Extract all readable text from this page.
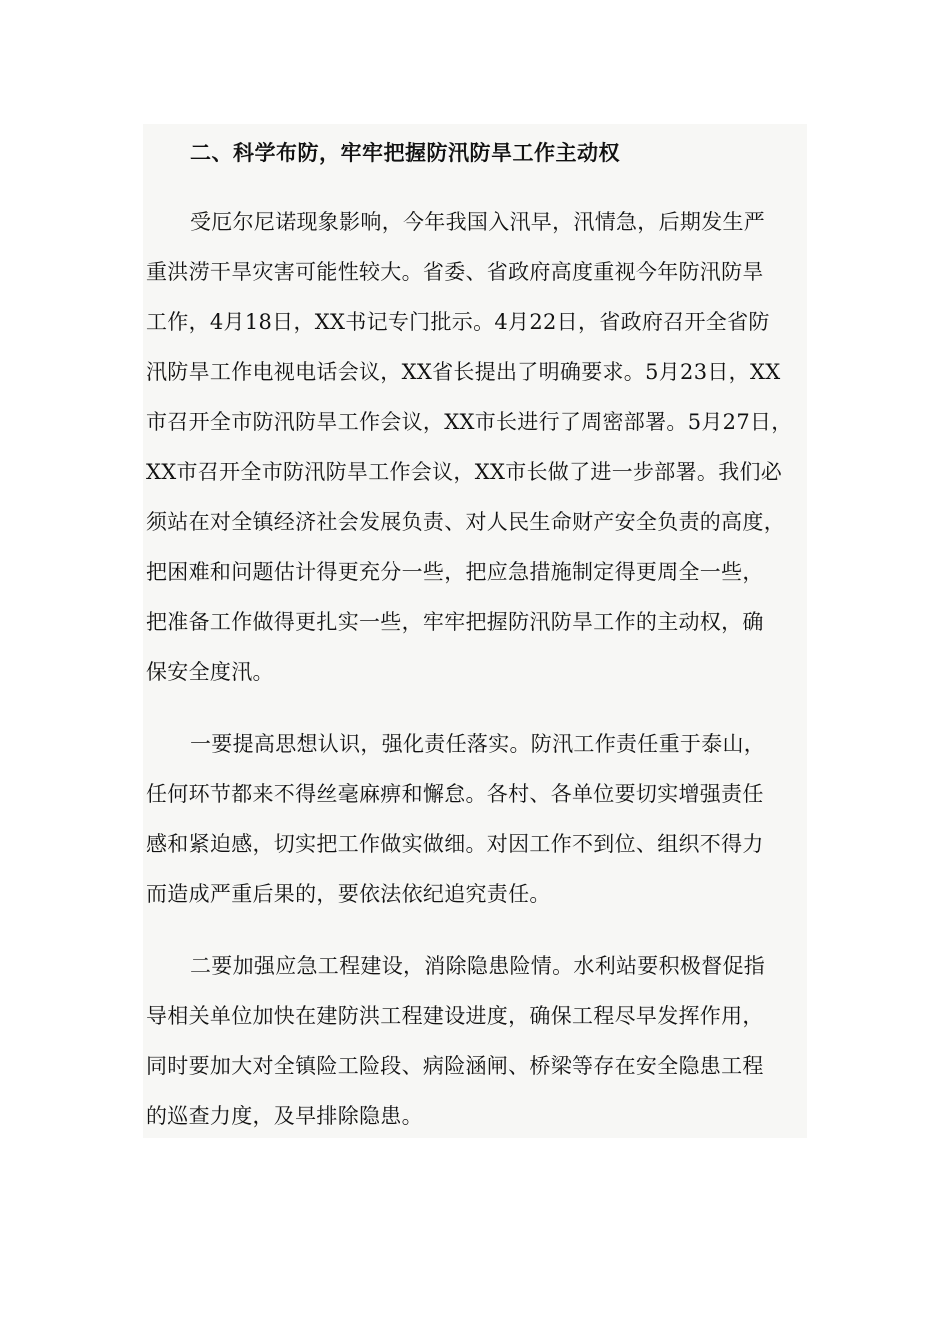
二、科学布防，牢牢把握防汛防旱工作主动权
受厄尔尼诺现象影响，今年我国入汛早，汛情急，后期发生严
重洪涝干旱灾害可能性较大。省委、省政府高度重视今年防汛防旱
工作，4月18日，XX书记专门批示。4月22日，省政府召开全省防
汛防旱工作电视电话会议，XX省长提出了明确要求。5月23日，XX
市召开全市防汛防旱工作会议，XX市长进行了周密部署。5月27日，
XX市召开全市防汛防旱工作会议，XX市长做了进一步部署。我们必
须站在对全镇经济社会发展负责、对人民生命财产安全负责的高度，
把困难和问题估计得更充分一些，把应急措施制定得更周全一些，
把准备工作做得更扎实一些，牢牢把握防汛防旱工作的主动权，确
保安全度汛。
一要提高思想认识，强化责任落实。防汛工作责任重于泰山，
任何环节都来不得丝毫麻痹和懈怠。各村、各单位要切实增强责任
感和紧迫感，切实把工作做实做细。对因工作不到位、组织不得力
而造成严重后果的，要依法依纪追究责任。
二要加强应急工程建设，消除隐患险情。水利站要积极督促指
导相关单位加快在建防洪工程建设进度，确保工程尽早发挥作用，
同时要加大对全镇险工险段、病险涵闸、桥梁等存在安全隐患工程
的巡查力度，及早排除隐患。
